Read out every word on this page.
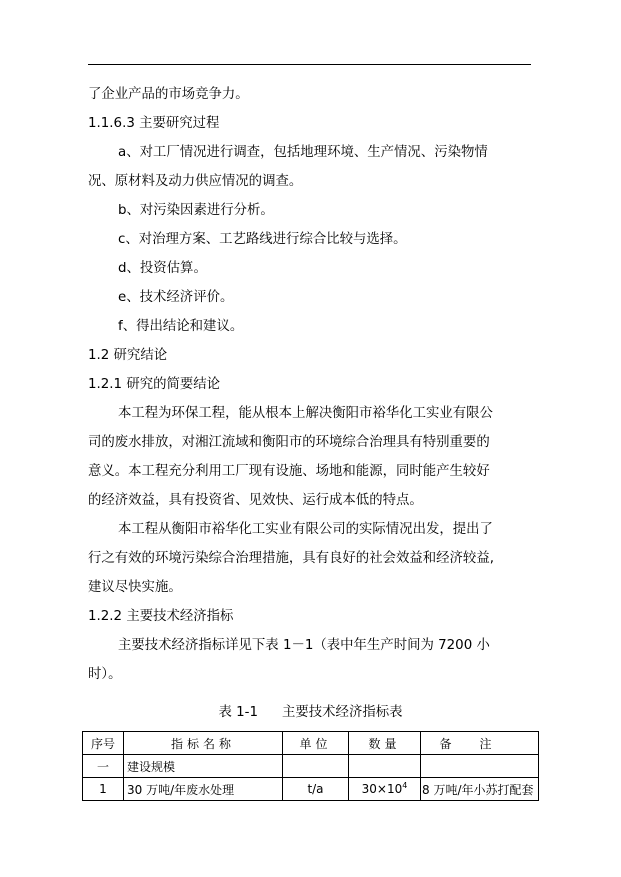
了企业产品的市场竞争力。
1.1.6.3 主要研究过程
a、对工厂情况进行调查，包括地理环境、生产情况、污染物情
况、原材料及动力供应情况的调查。
b、对污染因素进行分析。
c、对治理方案、工艺路线进行综合比较与选择。
d、投资估算。
e、技术经济评价。
f、得出结论和建议。
1.2 研究结论
1.2.1 研究的简要结论
本工程为环保工程，能从根本上解决衡阳市裕华化工实业有限公
司的废水排放，对湘江流域和衡阳市的环境综合治理具有特别重要的
意义。本工程充分利用工厂现有设施、场地和能源，同时能产生较好
的经济效益，具有投资省、见效快、运行成本低的特点。
本工程从衡阳市裕华化工实业有限公司的实际情况出发，提出了
行之有效的环境污染综合治理措施，具有良好的社会效益和经济较益,
建议尽快实施。
1.2.2 主要技术经济指标
主要技术经济指标详见下表 1－1（表中年生产时间为 7200 小
时）。
表 1-1 主要技术经济指标表
序号	指标名称	单位	数量	备注
一	建设规模			
1	30 万吨/年废水处理	t/a	$30\times 10^4$	8 万吨/年小苏打配套
